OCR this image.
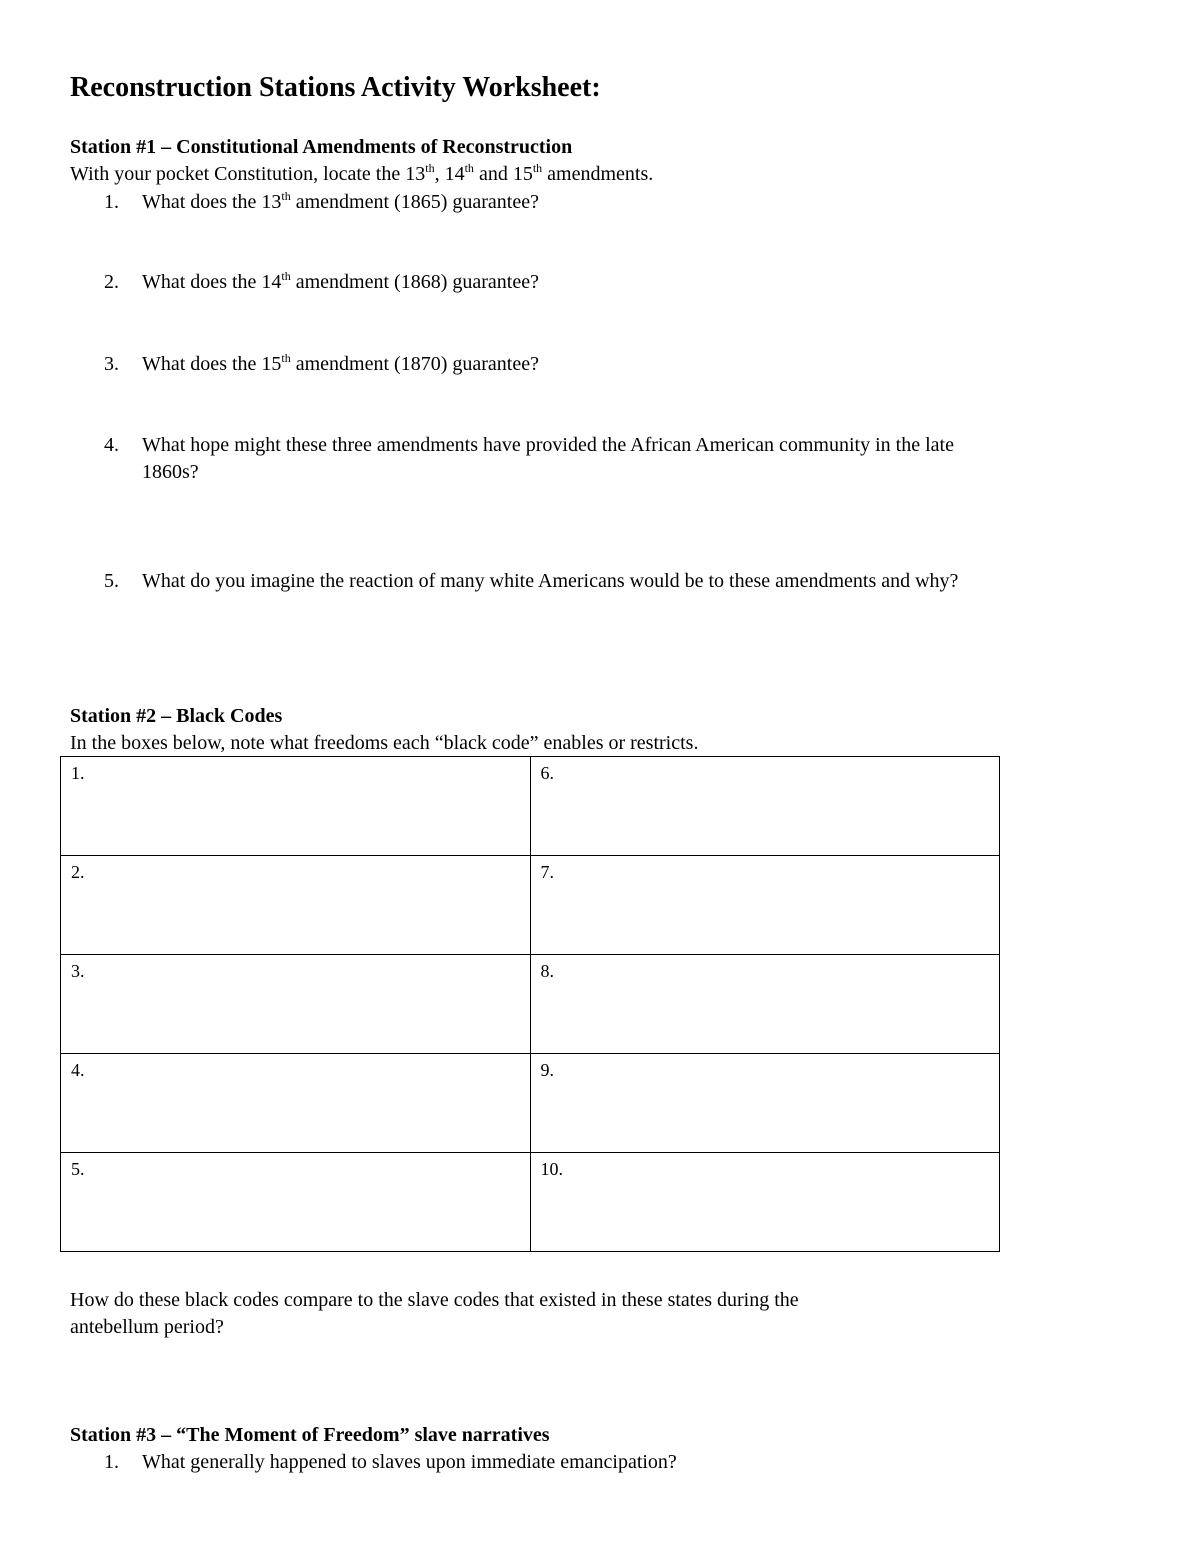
Reconstruction Stations Activity Worksheet:
Station #1 – Constitutional Amendments of Reconstruction
With your pocket Constitution, locate the 13th, 14th and 15th amendments.
1. What does the 13th amendment (1865) guarantee?
2. What does the 14th amendment (1868) guarantee?
3. What does the 15th amendment (1870) guarantee?
4. What hope might these three amendments have provided the African American community in the late
1860s?
5. What do you imagine the reaction of many white Americans would be to these amendments and why?
Station #2 – Black Codes
In the boxes below, note what freedoms each “black code” enables or restricts.
1.	6.
2.	7.
3.	8.
4.	9.
5.	10.
How do these black codes compare to the slave codes that existed in these states during the
antebellum period?
Station #3 – “The Moment of Freedom” slave narratives
1. What generally happened to slaves upon immediate emancipation?
